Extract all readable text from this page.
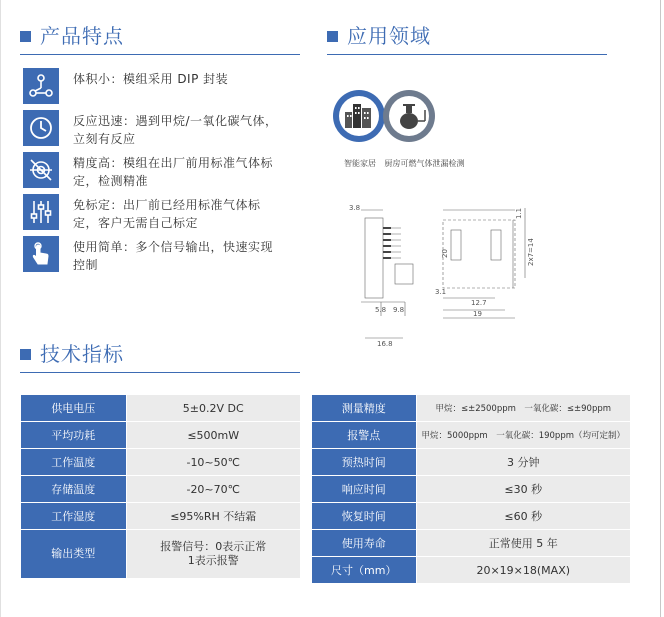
产品特点	应用领域
体积小：模组采用 DIP 封装
反应迅速：遇到甲烷/一氧化碳气体，立刻有反应
精度高：模组在出厂前用标准气体标定，检测精准
免标定：出厂前已经用标准气体标定，客户无需自己标定
使用简单：多个信号输出，快速实现控制
智能家居 厨房可燃气体泄漏检测
3.8
5.8 9.8
16.8
1.1
20	2x7=14
3.1
12.7
19
技术指标
供电电压	5±0.2V DC
平均功耗	≤500mW
工作温度	-10~50℃
存储温度	-20~70℃
工作湿度	≤95%RH 不结霜
输出类型	报警信号：0表示正常
1表示报警
测量精度	甲烷：≤±2500ppm　一氧化碳：≤±90ppm
报警点	甲烷：5000ppm　一氧化碳：190ppm（均可定制）
预热时间	3 分钟
响应时间	≤30 秒
恢复时间	≤60 秒
使用寿命	正常使用 5 年
尺寸（mm）	20×19×18(MAX)
